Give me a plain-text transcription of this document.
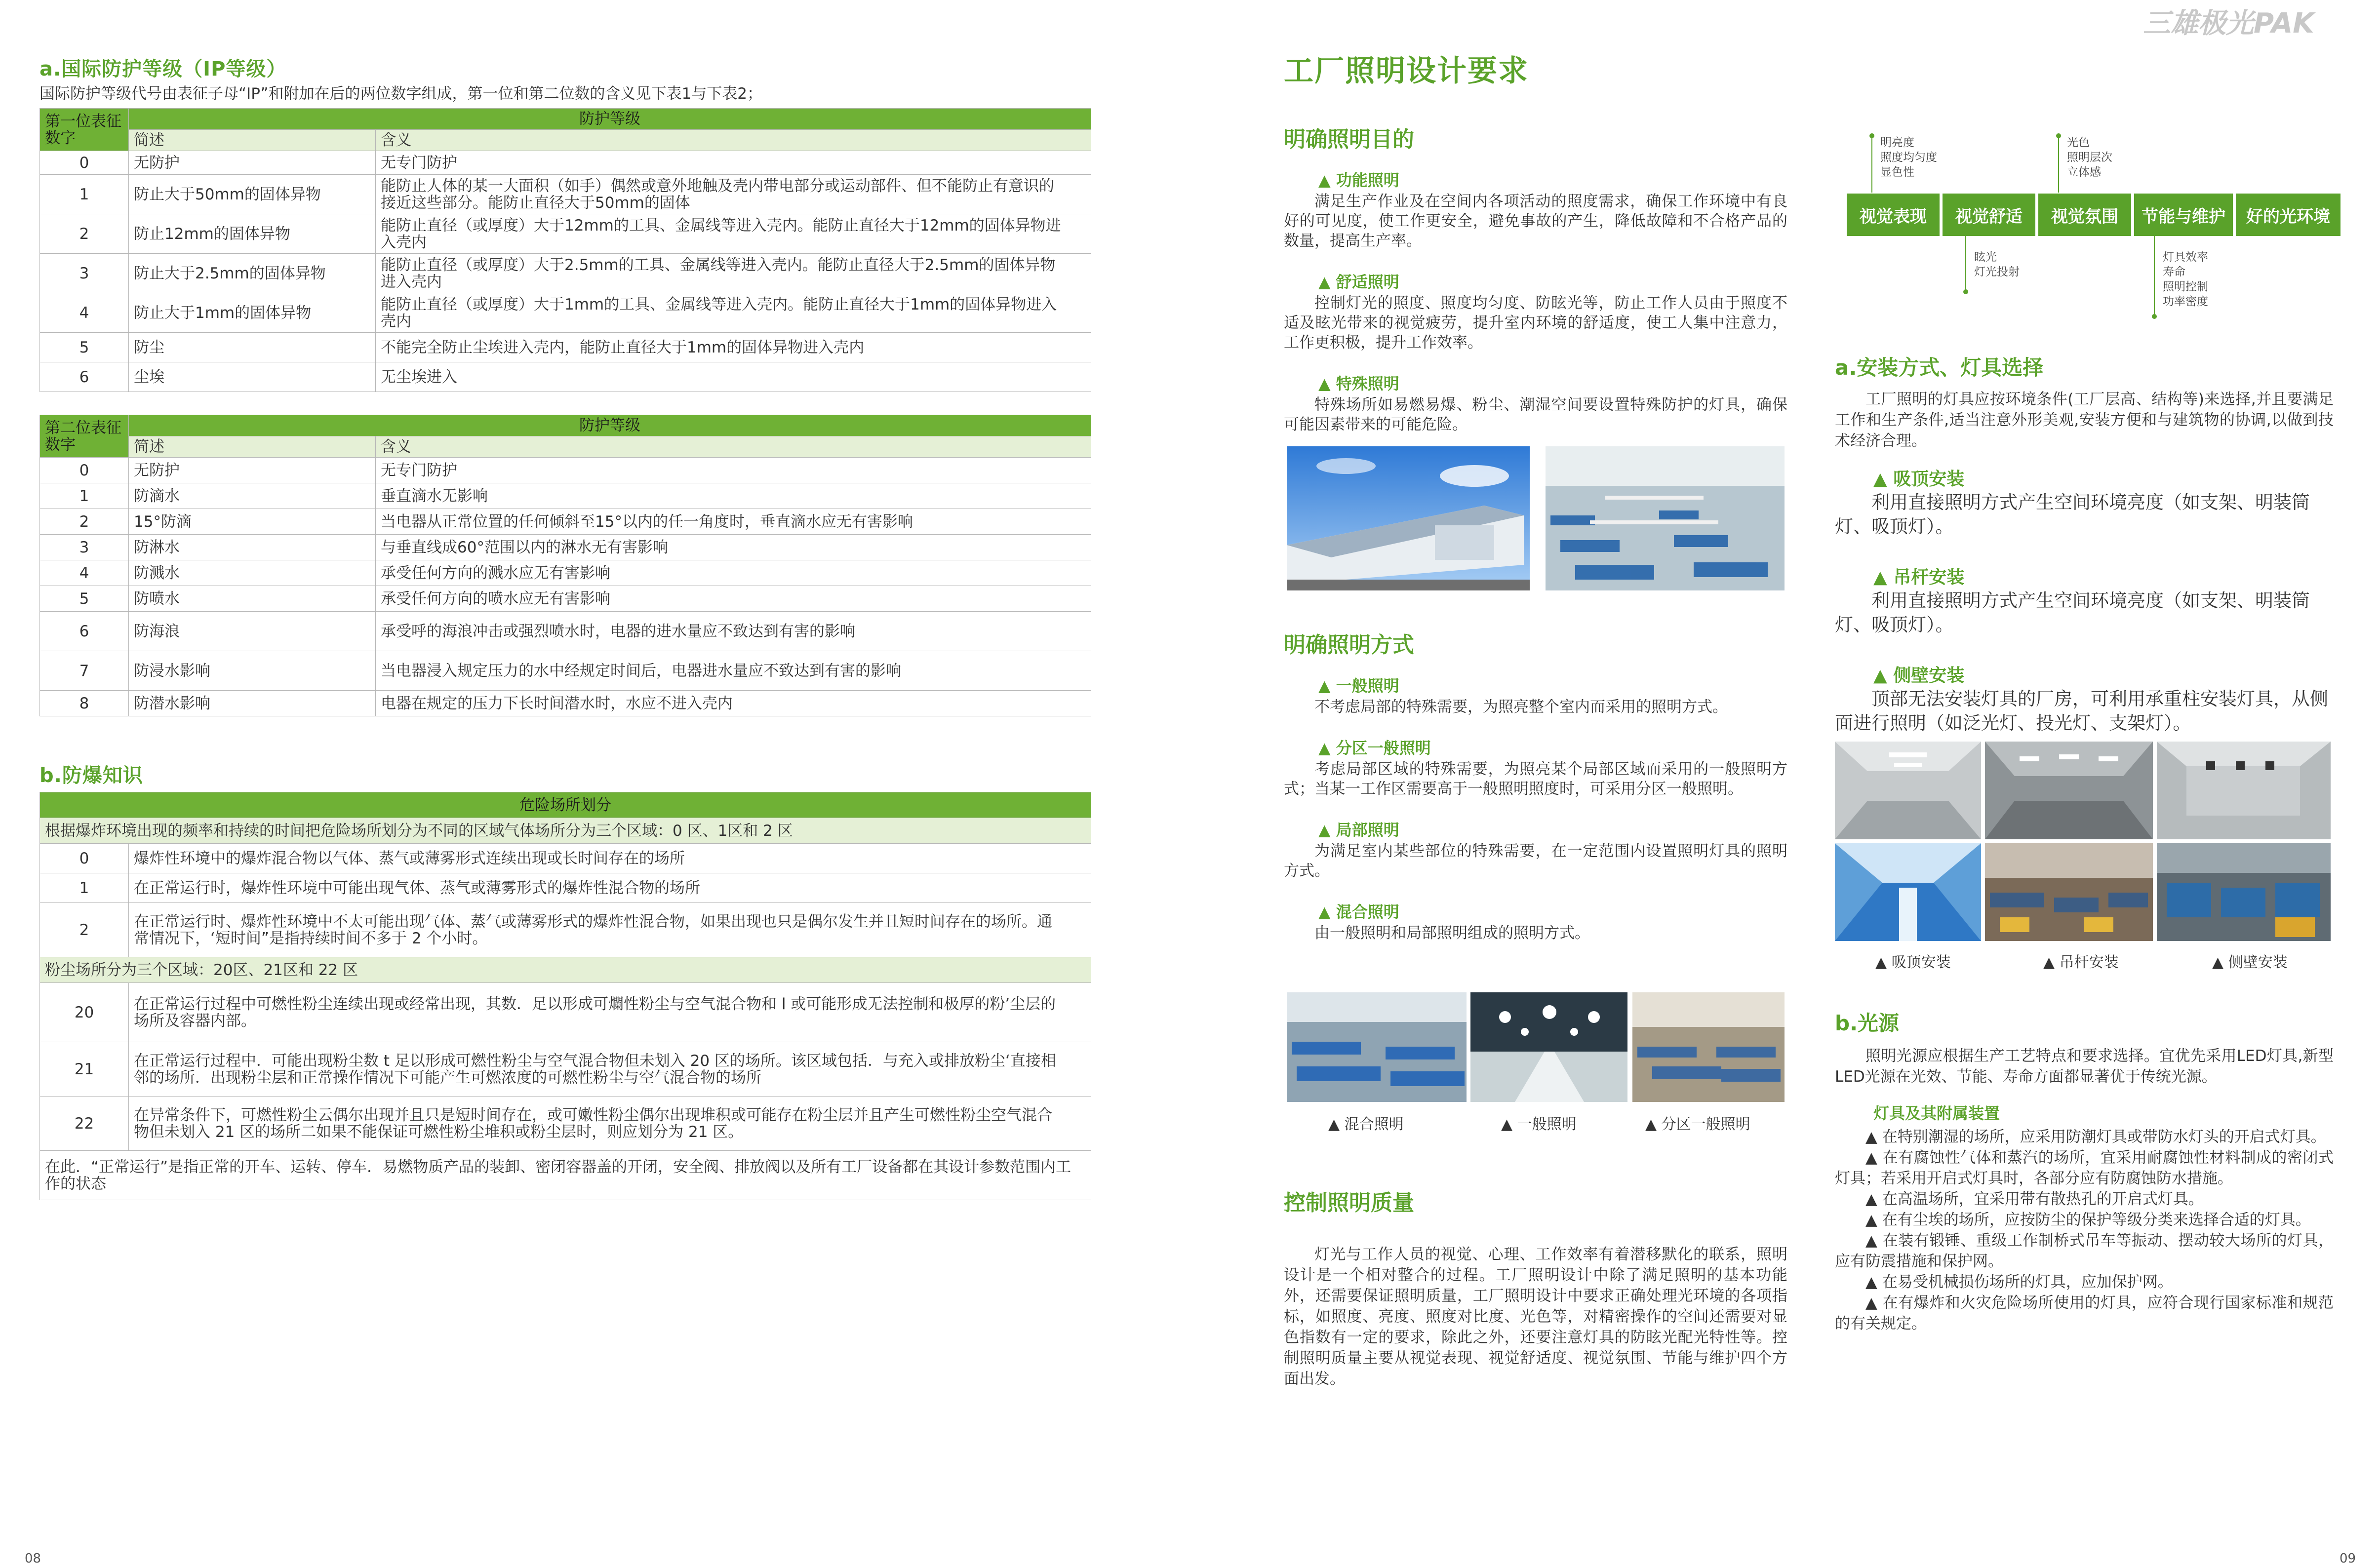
三雄极光PAK
a.国际防护等级（IP等级）
国际防护等级代号由表征子母“IP”和附加在后的两位数字组成，第一位和第二位数的含义见下表1与下表2；
第一位表征数字	防护等级	
	简述	含义
0	无防护	无专门防护
1	防止大于50mm的固体异物	能防止人体的某一大面积（如手）偶然或意外地触及壳内带电部分或运动部件、但不能防止有意识的接近这些部分。能防止直径大于50mm的固体
2	防止12mm的固体异物	能防止直径（或厚度）大于12mm的工具、金属线等进入壳内。能防止直径大于12mm的固体异物进入壳内
3	防止大于2.5mm的固体异物	能防止直径（或厚度）大于2.5mm的工具、金属线等进入壳内。能防止直径大于2.5mm的固体异物进入壳内
4	防止大于1mm的固体异物	能防止直径（或厚度）大于1mm的工具、金属线等进入壳内。能防止直径大于1mm的固体异物进入壳内
5	防尘	不能完全防止尘埃进入壳内，能防止直径大于1mm的固体异物进入壳内
6	尘埃	无尘埃进入
第二位表征数字	防护等级	
	简述	含义
0	无防护	无专门防护
1	防滴水	垂直滴水无影响
2	15°防滴	当电器从正常位置的任何倾斜至15°以内的任一角度时，垂直滴水应无有害影响
3	防淋水	与垂直线成60°范围以内的淋水无有害影响
4	防溅水	承受任何方向的溅水应无有害影响
5	防喷水	承受任何方向的喷水应无有害影响
6	防海浪	承受呼的海浪冲击或强烈喷水时，电器的进水量应不致达到有害的影响
7	防浸水影响	当电器浸入规定压力的水中经规定时间后，电器进水量应不致达到有害的影响
8	防潜水影响	电器在规定的压力下长时间潜水时，水应不进入壳内
b.防爆知识
危险场所划分	
根据爆炸环境出现的频率和持续的时间把危险场所划分为不同的区域气体场所分为三个区域：0 区、1区和 2 区	
0	爆炸性环境中的爆炸混合物以气体、蒸气或薄雾形式连续出现或长时间存在的场所
1	在正常运行时，爆炸性环境中可能出现气体、蒸气或薄雾形式的爆炸性混合物的场所
2	在正常运行时、爆炸性环境中不太可能出现气体、蒸气或薄雾形式的爆炸性混合物，如果出现也只是偶尔发生并且短时间存在的场所。通常情况下，‘短时间”是指持续时间不多于 2 个小时。
粉尘场所分为三个区域：20区、21区和 22 区	
20	在正常运行过程中可燃性粉尘连续出现或经常出现，其数．足以形成可爛性粉尘与空气混合物和 l 或可能形成无法控制和极厚的粉’尘层的场所及容器内部。
21	在正常运行过程中．可能出现粉尘数 t 足以形成可燃性粉尘与空气混合物但未划入 20 区的场所。该区域包括．与充入或排放粉尘‘直接相邻的场所．出现粉尘层和正常操作情况下可能产生可燃浓度的可燃性粉尘与空气混合物的场所
22	在异常条件下，可燃性粉尘云偶尔出现并且只是短时间存在，或可嫩性粉尘偶尔出现堆积或可能存在粉尘层并且产生可燃性粉尘空气混合物但未划入 21 区的场所二如果不能保证可燃性粉尘堆积或粉尘层时，则应划分为 21 区。
在此．“正常运行”是指正常的开车、运转、停车．易燃物质产品的装卸、密闭容器盖的开闭，安全阀、排放阀以及所有工厂设备都在其设计参数范围内工作的状态	
08
工厂照明设计要求
明确照明目的
▲ 功能照明
满足生产作业及在空间内各项活动的照度需求，确保工作环境中有良好的可见度，使工作更安全，避免事故的产生，降低故障和不合格产品的数量，提高生产率。
▲ 舒适照明
控制灯光的照度、照度均匀度、防眩光等，防止工作人员由于照度不适及眩光带来的视觉疲劳，提升室内环境的舒适度，使工人集中注意力，工作更积极，提升工作效率。
▲ 特殊照明
特殊场所如易燃易爆、粉尘、潮湿空间要设置特殊防护的灯具，确保可能因素带来的可能危险。
明确照明方式
▲ 一般照明
不考虑局部的特殊需要，为照亮整个室内而采用的照明方式。
▲ 分区一般照明
考虑局部区域的特殊需要，为照亮某个局部区域而采用的一般照明方式；当某一工作区需要高于一般照明照度时，可采用分区一般照明。
▲ 局部照明
为满足室内某些部位的特殊需要，在一定范围内设置照明灯具的照明方式。
▲ 混合照明
由一般照明和局部照明组成的照明方式。
▲ 混合照明	▲ 一般照明	▲ 分区一般照明
控制照明质量
灯光与工作人员的视觉、心理、工作效率有着潜移默化的联系，照明设计是一个相对整合的过程。工厂照明设计中除了满足照明的基本功能外，还需要保证照明质量，工厂照明设计中要求正确处理光环境的各项指标，如照度、亮度、照度对比度、光色等，对精密操作的空间还需要对显色指数有一定的要求，除此之外，还要注意灯具的防眩光配光特性等。控制照明质量主要从视觉表现、视觉舒适度、视觉氛围、节能与维护四个方面出发。
明亮度
照度均匀度
显色性
光色
照明层次
立体感
视觉表现	视觉舒适	视觉氛围	节能与维护	好的光环境
眩光
灯光投射
灯具效率
寿命
照明控制
功率密度
a.安装方式、灯具选择
工厂照明的灯具应按环境条件(工厂层高、结构等)来选择,并且要满足工作和生产条件,适当注意外形美观,安装方便和与建筑物的协调,以做到技术经济合理。
▲ 吸顶安装
利用直接照明方式产生空间环境亮度（如支架、明装筒灯、吸顶灯）。
▲ 吊杆安装
利用直接照明方式产生空间环境亮度（如支架、明装筒灯、吸顶灯）。
▲ 侧壁安装
顶部无法安装灯具的厂房，可利用承重柱安装灯具，从侧面进行照明（如泛光灯、投光灯、支架灯）。
▲ 吸顶安装	▲ 吊杆安装	▲ 侧壁安装
b.光源
照明光源应根据生产工艺特点和要求选择。宜优先采用LED灯具,新型LED光源在光效、节能、寿命方面都显著优于传统光源。
灯具及其附属装置
▲ 在特别潮湿的场所，应采用防潮灯具或带防水灯头的开启式灯具。
▲ 在有腐蚀性气体和蒸汽的场所，宜采用耐腐蚀性材料制成的密闭式灯具；若采用开启式灯具时，各部分应有防腐蚀防水措施。
▲ 在高温场所，宜采用带有散热孔的开启式灯具。
▲ 在有尘埃的场所，应按防尘的保护等级分类来选择合适的灯具。
▲ 在装有锻锤、重级工作制桥式吊车等振动、摆动较大场所的灯具，应有防震措施和保护网。
▲ 在易受机械损伤场所的灯具，应加保护网。
▲ 在有爆炸和火灾危险场所使用的灯具，应符合现行国家标准和规范的有关规定。
09
